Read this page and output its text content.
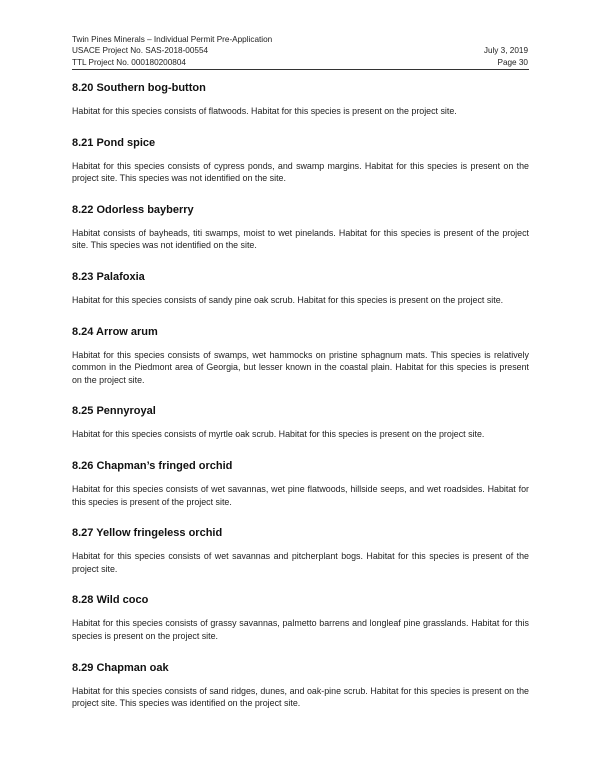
Twin Pines Minerals – Individual Permit Pre-Application
USACE Project No. SAS-2018-00554	July 3, 2019
TTL Project No. 000180200804	Page 30
8.20 Southern bog-button

Habitat for this species consists of flatwoods. Habitat for this species is present on the project site.

8.21 Pond spice

Habitat for this species consists of cypress ponds, and swamp margins. Habitat for this species is present on the project site. This species was not identified on the site.

8.22 Odorless bayberry

Habitat consists of bayheads, titi swamps, moist to wet pinelands. Habitat for this species is present of the project site. This species was not identified on the site.

8.23 Palafoxia

Habitat for this species consists of sandy pine oak scrub. Habitat for this species is present on the project site.

8.24 Arrow arum

Habitat for this species consists of swamps, wet hammocks on pristine sphagnum mats. This species is relatively common in the Piedmont area of Georgia, but lesser known in the coastal plain. Habitat for this species is present on the project site.

8.25 Pennyroyal

Habitat for this species consists of myrtle oak scrub. Habitat for this species is present on the project site.

8.26 Chapman’s fringed orchid

Habitat for this species consists of wet savannas, wet pine flatwoods, hillside seeps, and wet roadsides. Habitat for this species is present of the project site.

8.27 Yellow fringeless orchid

Habitat for this species consists of wet savannas and pitcherplant bogs. Habitat for this species is present of the project site.

8.28 Wild coco

Habitat for this species consists of grassy savannas, palmetto barrens and longleaf pine grasslands. Habitat for this species is present on the project site.

8.29 Chapman oak

Habitat for this species consists of sand ridges, dunes, and oak-pine scrub. Habitat for this species is present on the project site. This species was identified on the project site.
